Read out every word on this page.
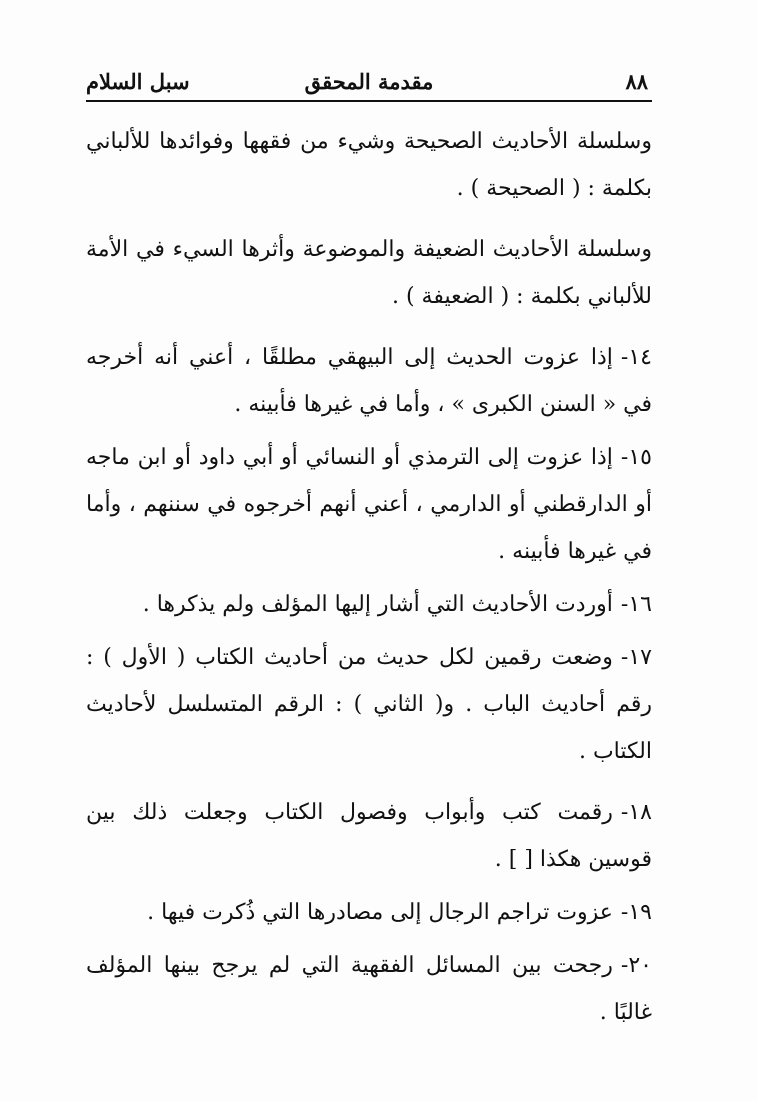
٨٨
مقدمة المحقق
سبل السلام

وسلسلة الأحاديث الصحيحة وشيء من فقهها وفوائدها للألباني بكلمة : ( الصحيحة ) .

وسلسلة الأحاديث الضعيفة والموضوعة وأثرها السيء في الأمة للألباني بكلمة : ( الضعيفة ) .

١٤-إذا عزوت الحديث إلى البيهقي مطلقًا ، أعني أنه أخرجه في « السنن الكبرى » ، وأما في غيرها فأبينه .

١٥-إذا عزوت إلى الترمذي أو النسائي أو أبي داود أو ابن ماجه أو الدارقطني أو الدارمي ، أعني أنهم أخرجوه في سننهم ، وأما في غيرها فأبينه .

١٦-أوردت الأحاديث التي أشار إليها المؤلف ولم يذكرها .

١٧-وضعت رقمين لكل حديث من أحاديث الكتاب ( الأول ) : رقم أحاديث الباب . و( الثاني ) : الرقم المتسلسل لأحاديث الكتاب .

١٨-رقمت كتب وأبواب وفصول الكتاب وجعلت ذلك بين قوسين هكذا [ ] .

١٩-عزوت تراجم الرجال إلى مصادرها التي ذُكرت فيها .

٢٠-رجحت بين المسائل الفقهية التي لم يرجح بينها المؤلف غالبًا .
